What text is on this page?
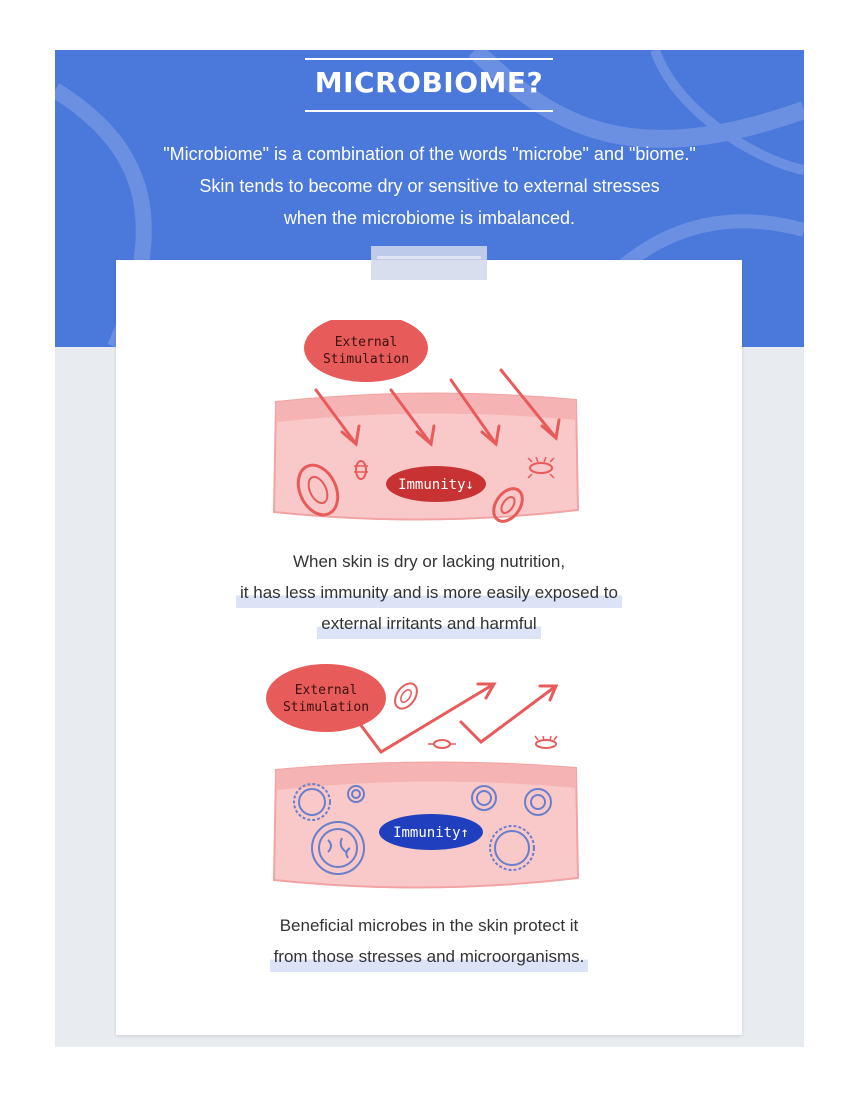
MICROBIOME?
"Microbiome" is a combination of the words "microbe" and "biome."
Skin tends to become dry or sensitive to external stresses
when the microbiome is imbalanced.
External
Stimulation
Immunity↓
When skin is dry or lacking nutrition,
it has less immunity and is more easily exposed to
external irritants and harmful
External
Stimulation
Immunity↑
Beneficial microbes in the skin protect it
from those stresses and microorganisms.
